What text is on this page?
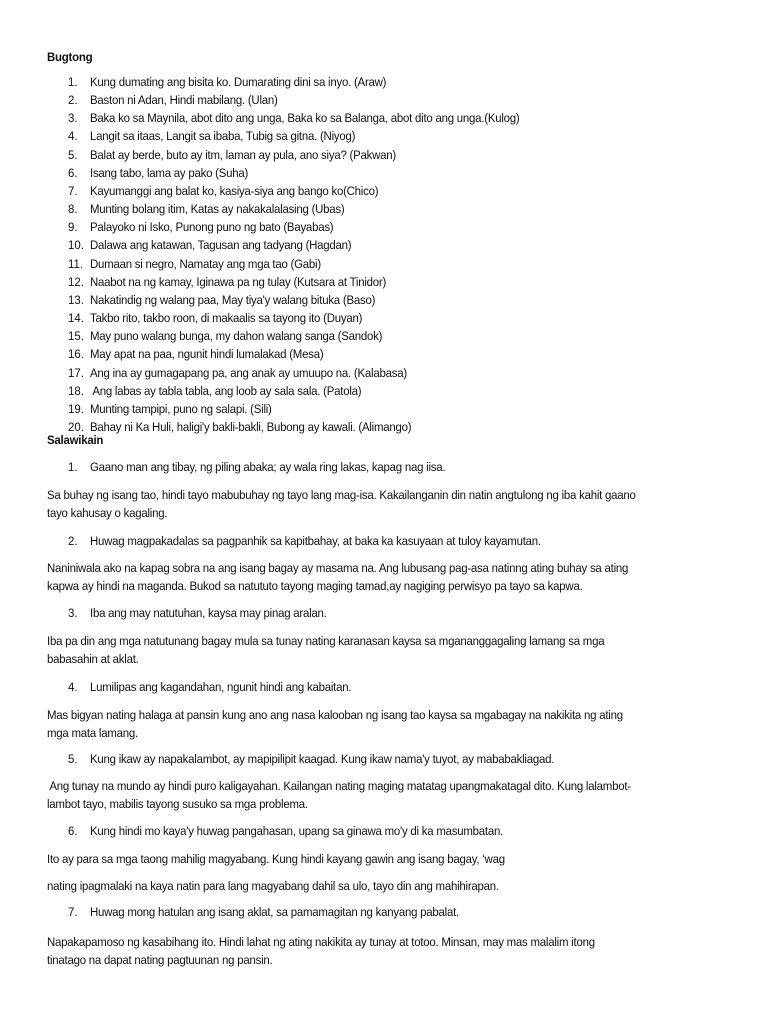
Bugtong
1. Kung dumating ang bisita ko. Dumarating dini sa inyo. (Araw)
2. Baston ni Adan, Hindi mabilang. (Ulan)
3. Baka ko sa Maynila, abot dito ang unga, Baka ko sa Balanga, abot dito ang unga.(Kulog)
4. Langit sa itaas, Langit sa ibaba, Tubig sa gitna. (Niyog)
5. Balat ay berde, buto ay itm, laman ay pula, ano siya? (Pakwan)
6. Isang tabo, lama ay pako (Suha)
7. Kayumanggi ang balat ko, kasiya-siya ang bango ko(Chico)
8. Munting bolang itim, Katas ay nakakalalasing (Ubas)
9. Palayoko ni Isko, Punong puno ng bato (Bayabas)
10. Dalawa ang katawan, Tagusan ang tadyang (Hagdan)
11. Dumaan si negro, Namatay ang mga tao (Gabi)
12. Naabot na ng kamay, Iginawa pa ng tulay (Kutsara at Tinidor)
13. Nakatindig ng walang paa, May tiya'y walang bituka (Baso)
14. Takbo rito, takbo roon, di makaalis sa tayong ito (Duyan)
15. May puno walang bunga, my dahon walang sanga (Sandok)
16. May apat na paa, ngunit hindi lumalakad (Mesa)
17. Ang ina ay gumagapang pa, ang anak ay umuupo na. (Kalabasa)
18. Ang labas ay tabla tabla, ang loob ay sala sala. (Patola)
19. Munting tampipi, puno ng salapi. (Sili)
20. Bahay ni Ka Huli, haligi'y bakli-bakli, Bubong ay kawali. (Alimango)
Salawikain
1. Gaano man ang tibay, ng piling abaka; ay wala ring lakas, kapag nag iisa.
Sa buhay ng isang tao, hindi tayo mabubuhay ng tayo lang mag-isa. Kakailanganin din natin angtulong ng iba kahit gaano
tayo kahusay o kagaling.
2. Huwag magpakadalas sa pagpanhik sa kapitbahay, at baka ka kasuyaan at tuloy kayamutan.
Naniniwala ako na kapag sobra na ang isang bagay ay masama na. Ang lubusang pag-asa natinng ating buhay sa ating
kapwa ay hindi na maganda. Bukod sa natututo tayong maging tamad,ay nagiging perwisyo pa tayo sa kapwa.
3. Iba ang may natutuhan, kaysa may pinag aralan.
Iba pa din ang mga natutunang bagay mula sa tunay nating karanasan kaysa sa mgananggagaling lamang sa mga
babasahin at aklat.
4. Lumilipas ang kagandahan, ngunit hindi ang kabaitan.
Mas bigyan nating halaga at pansin kung ano ang nasa kalooban ng isang tao kaysa sa mgabagay na nakikita ng ating
mga mata lamang.
5. Kung ikaw ay napakalambot, ay mapipilipit kaagad. Kung ikaw nama'y tuyot, ay mababakliagad.
Ang tunay na mundo ay hindi puro kaligayahan. Kailangan nating maging matatag upangmakatagal dito. Kung lalambot-
lambot tayo, mabilis tayong susuko sa mga problema.
6. Kung hindi mo kaya'y huwag pangahasan, upang sa ginawa mo'y di ka masumbatan.
Ito ay para sa mga taong mahilig magyabang. Kung hindi kayang gawin ang isang bagay, ‘wag
nating ipagmalaki na kaya natin para lang magyabang dahil sa ulo, tayo din ang mahihirapan.
7. Huwag mong hatulan ang isang aklat, sa pamamagitan ng kanyang pabalat.
Napakapamoso ng kasabihang ito. Hindi lahat ng ating nakikita ay tunay at totoo. Minsan, may mas malalim itong
tinatago na dapat nating pagtuunan ng pansin.
